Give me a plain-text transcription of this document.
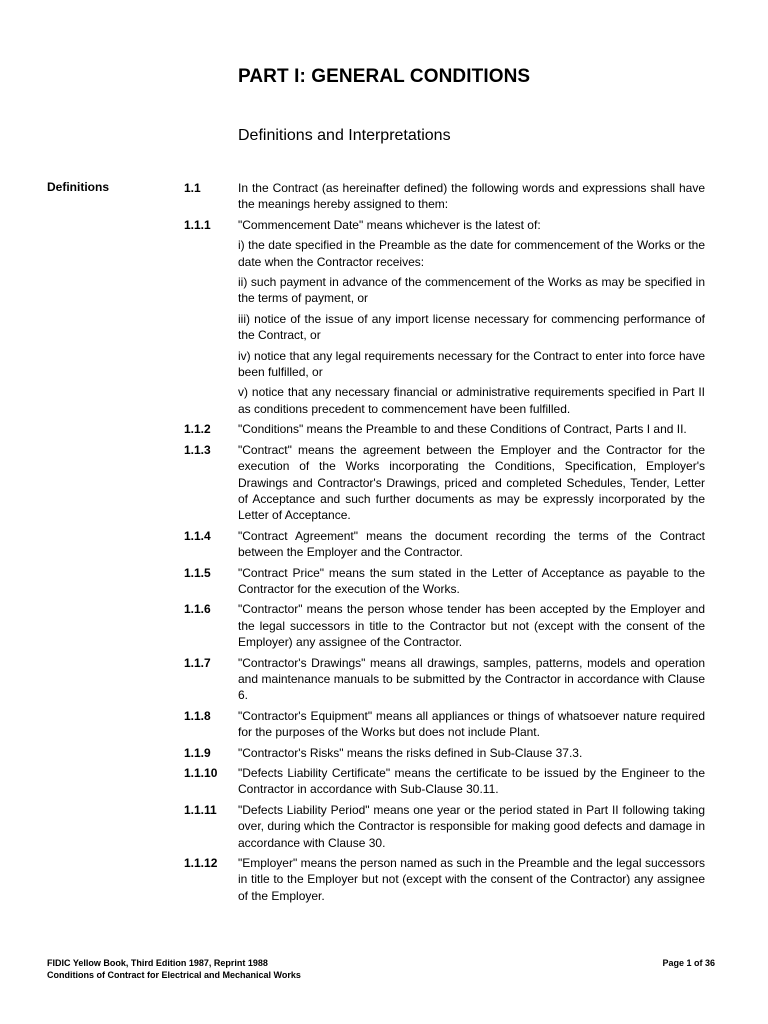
PART I: GENERAL CONDITIONS
Definitions and Interpretations
Definitions	1.1	In the Contract (as hereinafter defined) the following words and expressions shall have the meanings hereby assigned to them:
1.1.1	"Commencement Date" means whichever is the latest of:
i) the date specified in the Preamble as the date for commencement of the Works or the date when the Contractor receives:
ii) such payment in advance of the commencement of the Works as may be specified in the terms of payment, or
iii) notice of the issue of any import license necessary for commencing performance of the Contract, or
iv) notice that any legal requirements necessary for the Contract to enter into force have been fulfilled, or
v) notice that any necessary financial or administrative requirements specified in Part II as conditions precedent to commencement have been fulfilled.
1.1.2	"Conditions" means the Preamble to and these Conditions of Contract, Parts I and II.
1.1.3	"Contract" means the agreement between the Employer and the Contractor for the execution of the Works incorporating the Conditions, Specification, Employer's Drawings and Contractor's Drawings, priced and completed Schedules, Tender, Letter of Acceptance and such further documents as may be expressly incorporated by the Letter of Acceptance.
1.1.4	"Contract Agreement" means the document recording the terms of the Contract between the Employer and the Contractor.
1.1.5	"Contract Price" means the sum stated in the Letter of Acceptance as payable to the Contractor for the execution of the Works.
1.1.6	"Contractor" means the person whose tender has been accepted by the Employer and the legal successors in title to the Contractor but not (except with the consent of the Employer) any assignee of the Contractor.
1.1.7	"Contractor's Drawings" means all drawings, samples, patterns, models and operation and maintenance manuals to be submitted by the Contractor in accordance with Clause 6.
1.1.8	"Contractor's Equipment" means all appliances or things of whatsoever nature required for the purposes of the Works but does not include Plant.
1.1.9	"Contractor's Risks" means the risks defined in Sub-Clause 37.3.
1.1.10	"Defects Liability Certificate" means the certificate to be issued by the Engineer to the Contractor in accordance with Sub-Clause 30.11.
1.1.11	"Defects Liability Period" means one year or the period stated in Part II following taking over, during which the Contractor is responsible for making good defects and damage in accordance with Clause 30.
1.1.12	"Employer" means the person named as such in the Preamble and the legal successors in title to the Employer but not (except with the consent of the Contractor) any assignee of the Employer.
FIDIC Yellow Book, Third Edition 1987, Reprint 1988
Conditions of Contract for Electrical and Mechanical Works
Page 1 of 36
